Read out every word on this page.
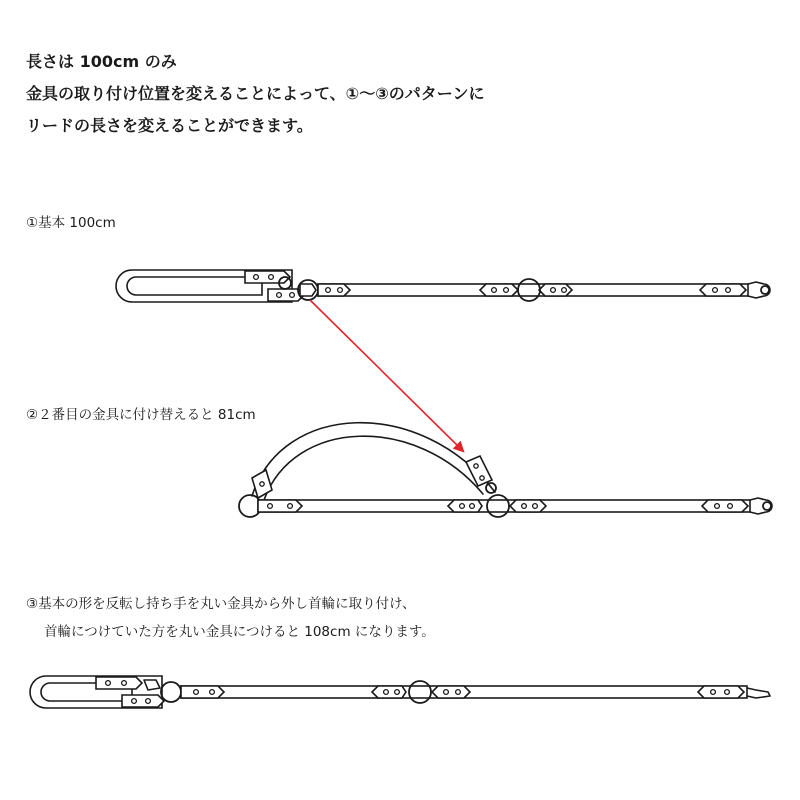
長さは 100cm のみ
金具の取り付け位置を変えることによって、①〜③のパターンに
リードの長さを変えることができます。
①基本 100cm
②２番目の金具に付け替えると 81cm
③基本の形を反転し持ち手を丸い金具から外し首輪に取り付け、
首輪につけていた方を丸い金具につけると 108cm になります。
